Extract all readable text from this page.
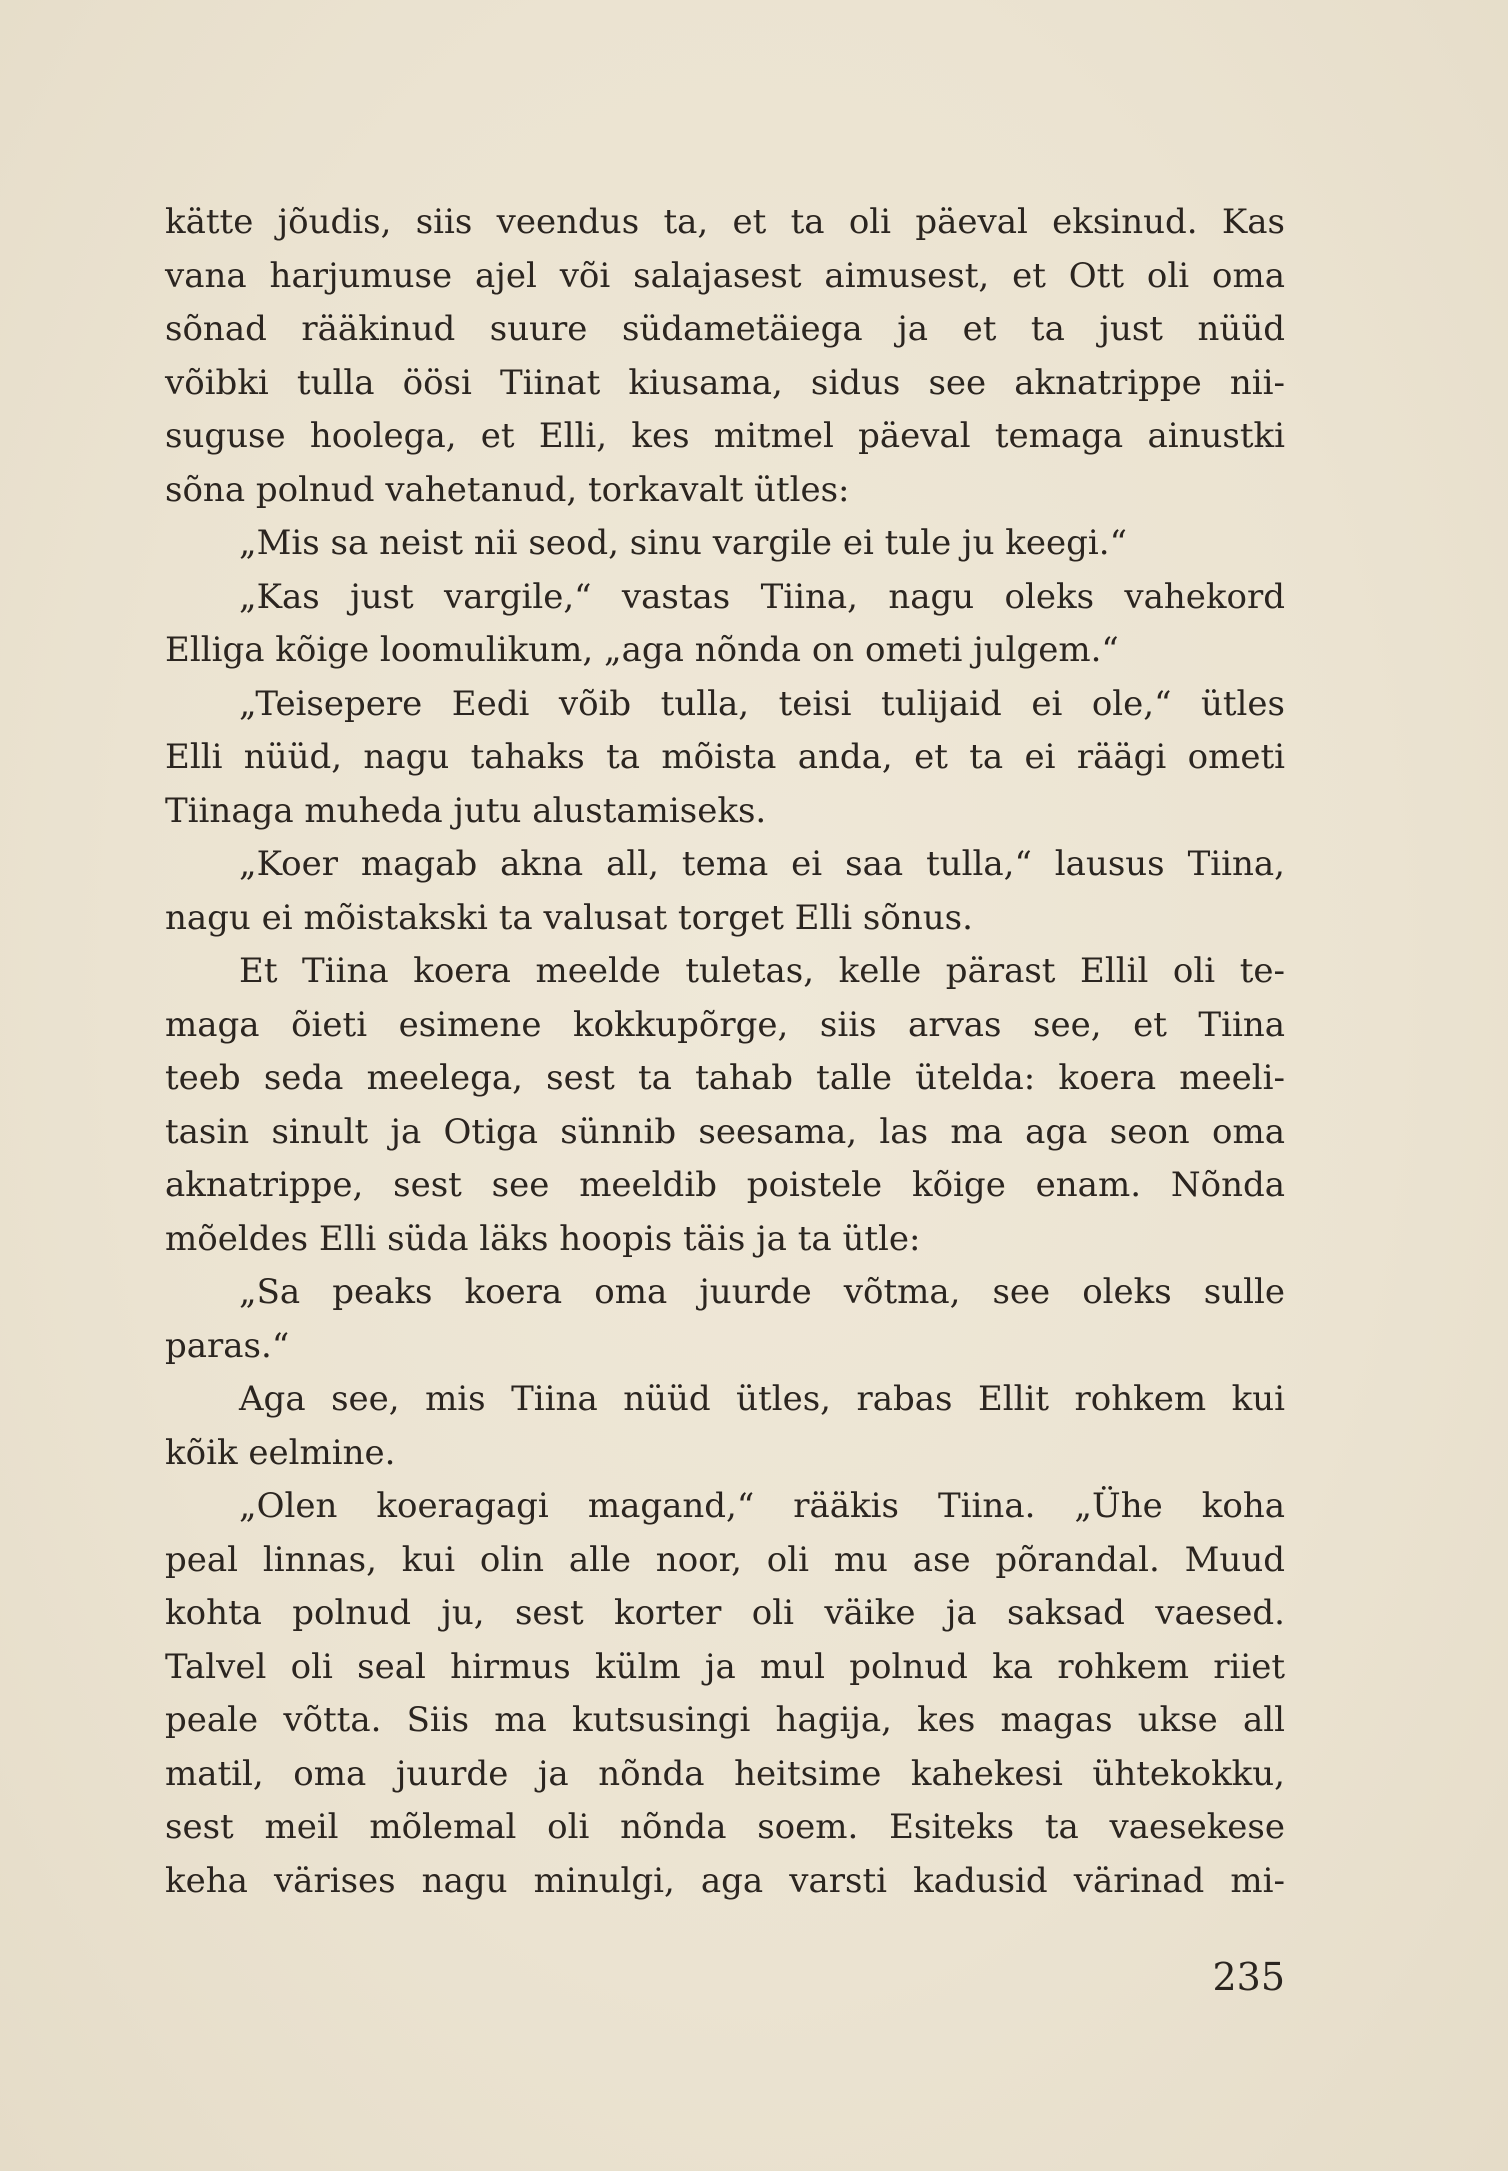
kätte jõudis, siis veendus ta, et ta oli päeval eksinud. Kas
vana harjumuse ajel või salajasest aimusest, et Ott oli oma
sõnad rääkinud suure südametäiega ja et ta just nüüd
võibki tulla öösi Tiinat kiusama, sidus see aknatrippe nii-
suguse hoolega, et Elli, kes mitmel päeval temaga ainustki
sõna polnud vahetanud, torkavalt ütles:
„Mis sa neist nii seod, sinu vargile ei tule ju keegi.“
„Kas just vargile,“ vastas Tiina, nagu oleks vahekord
Elliga kõige loomulikum, „aga nõnda on ometi julgem.“
„Teisepere Eedi võib tulla, teisi tulijaid ei ole,“ ütles
Elli nüüd, nagu tahaks ta mõista anda, et ta ei räägi ometi
Tiinaga muheda jutu alustamiseks.
„Koer magab akna all, tema ei saa tulla,“ lausus Tiina,
nagu ei mõistakski ta valusat torget Elli sõnus.
Et Tiina koera meelde tuletas, kelle pärast Ellil oli te-
maga õieti esimene kokkupõrge, siis arvas see, et Tiina
teeb seda meelega, sest ta tahab talle ütelda: koera meeli-
tasin sinult ja Otiga sünnib seesama, las ma aga seon oma
aknatrippe, sest see meeldib poistele kõige enam. Nõnda
mõeldes Elli süda läks hoopis täis ja ta ütle:
„Sa peaks koera oma juurde võtma, see oleks sulle
paras.“
Aga see, mis Tiina nüüd ütles, rabas Ellit rohkem kui
kõik eelmine.
„Olen koeragagi magand,“ rääkis Tiina. „Ühe koha
peal linnas, kui olin alle noor, oli mu ase põrandal. Muud
kohta polnud ju, sest korter oli väike ja saksad vaesed.
Talvel oli seal hirmus külm ja mul polnud ka rohkem riiet
peale võtta. Siis ma kutsusingi hagija, kes magas ukse all
matil, oma juurde ja nõnda heitsime kahekesi ühtekokku,
sest meil mõlemal oli nõnda soem. Esiteks ta vaesekese
keha värises nagu minulgi, aga varsti kadusid värinad mi-
235
